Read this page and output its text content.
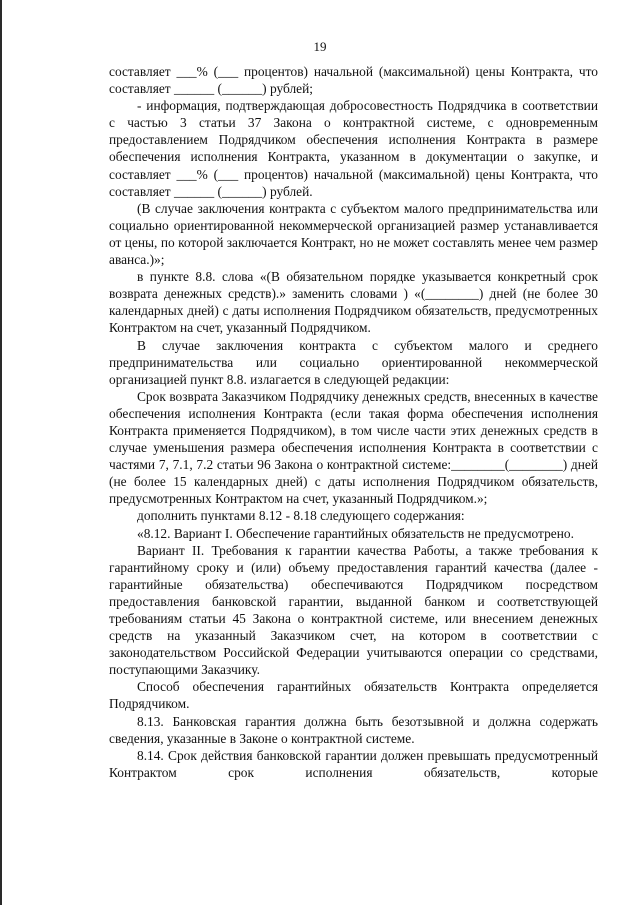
19

составляет ___% (___ процентов) начальной (максимальной) цены Контракта, что составляет ______ (______) рублей;

- информация, подтверждающая добросовестность Подрядчика в соответствии с частью 3 статьи 37 Закона о контрактной системе, с одновременным предоставлением Подрядчиком обеспечения исполнения Контракта в размере обеспечения исполнения Контракта, указанном в документации о закупке, и составляет ___% (___ процентов) начальной (максимальной) цены Контракта, что составляет ______ (______) рублей.

(В случае заключения контракта с субъектом малого предпринимательства или социально ориентированной некоммерческой организацией размер устанавливается от цены, по которой заключается Контракт, но не может составлять менее чем размер аванса.)»;

в пункте 8.8. слова «(В обязательном порядке указывается конкретный срок возврата денежных средств).» заменить словами ) «(________) дней (не более 30 календарных дней) с даты исполнения Подрядчиком обязательств, предусмотренных Контрактом на счет, указанный Подрядчиком.

В случае заключения контракта с субъектом малого и среднего предпринимательства или социально ориентированной некоммерческой организацией пункт 8.8. излагается в следующей редакции:

Срок возврата Заказчиком Подрядчику денежных средств, внесенных в качестве обеспечения исполнения Контракта (если такая форма обеспечения исполнения Контракта применяется Подрядчиком), в том числе части этих денежных средств в случае уменьшения размера обеспечения исполнения Контракта в соответствии с частями 7, 7.1, 7.2 статьи 96 Закона о контрактной системе:________(________) дней (не более 15 календарных дней) с даты исполнения Подрядчиком обязательств, предусмотренных Контрактом на счет, указанный Подрядчиком.»;

дополнить пунктами 8.12 - 8.18 следующего содержания:

«8.12. Вариант I. Обеспечение гарантийных обязательств не предусмотрено.

Вариант II. Требования к гарантии качества Работы, а также требования к гарантийному сроку и (или) объему предоставления гарантий качества (далее - гарантийные обязательства) обеспечиваются Подрядчиком посредством предоставления банковской гарантии, выданной банком и соответствующей требованиям статьи 45 Закона о контрактной системе, или внесением денежных средств на указанный Заказчиком счет, на котором в соответствии с законодательством Российской Федерации учитываются операции со средствами, поступающими Заказчику.

Способ обеспечения гарантийных обязательств Контракта определяется Подрядчиком.

8.13. Банковская гарантия должна быть безотзывной и должна содержать сведения, указанные в Законе о контрактной системе.

8.14. Срок действия банковской гарантии должен превышать предусмотренный Контрактом срок исполнения обязательств, которые
